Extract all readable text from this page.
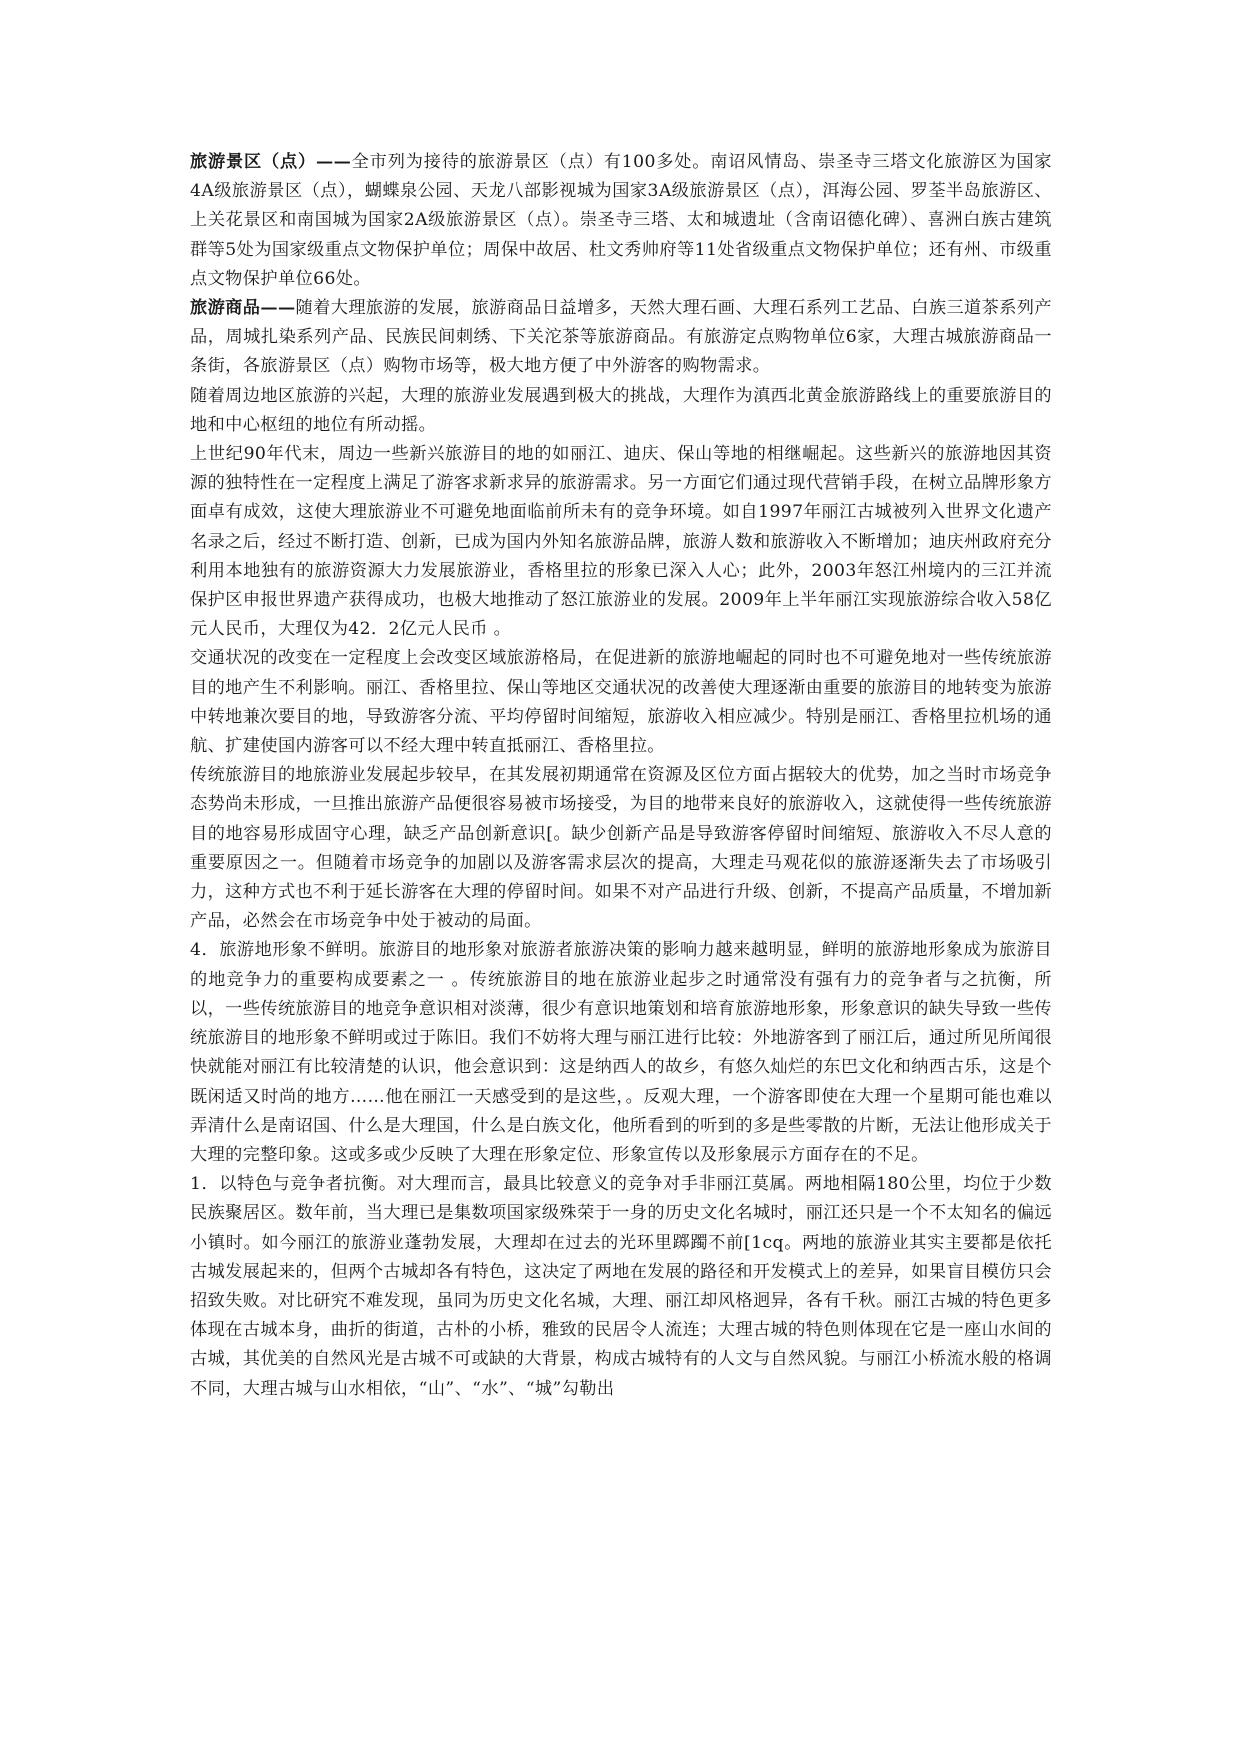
旅游景区（点）——全市列为接待的旅游景区（点）有100多处。南诏风情岛、崇圣寺三塔文化旅游区为国家4A级旅游景区（点），蝴蝶泉公园、天龙八部影视城为国家3A级旅游景区（点），洱海公园、罗荃半岛旅游区、上关花景区和南国城为国家2A级旅游景区（点）。崇圣寺三塔、太和城遗址（含南诏德化碑）、喜洲白族古建筑群等5处为国家级重点文物保护单位；周保中故居、杜文秀帅府等11处省级重点文物保护单位；还有州、市级重点文物保护单位66处。

旅游商品——随着大理旅游的发展，旅游商品日益增多，天然大理石画、大理石系列工艺品、白族三道茶系列产品，周城扎染系列产品、民族民间刺绣、下关沱茶等旅游商品。有旅游定点购物单位6家，大理古城旅游商品一条街，各旅游景区（点）购物市场等，极大地方便了中外游客的购物需求。

随着周边地区旅游的兴起，大理的旅游业发展遇到极大的挑战，大理作为滇西北黄金旅游路线上的重要旅游目的地和中心枢纽的地位有所动摇。

上世纪90年代末，周边一些新兴旅游目的地的如丽江、迪庆、保山等地的相继崛起。这些新兴的旅游地因其资源的独特性在一定程度上满足了游客求新求异的旅游需求。另一方面它们通过现代营销手段，在树立品牌形象方面卓有成效，这使大理旅游业不可避免地面临前所未有的竞争环境。如自1997年丽江古城被列入世界文化遗产名录之后，经过不断打造、创新，已成为国内外知名旅游品牌，旅游人数和旅游收入不断增加；迪庆州政府充分利用本地独有的旅游资源大力发展旅游业，香格里拉的形象已深入人心；此外，2003年怒江州境内的三江并流保护区申报世界遗产获得成功，也极大地推动了怒江旅游业的发展。2009年上半年丽江实现旅游综合收入58亿元人民币，大理仅为42．2亿元人民币 。

交通状况的改变在一定程度上会改变区域旅游格局，在促进新的旅游地崛起的同时也不可避免地对一些传统旅游目的地产生不利影响。丽江、香格里拉、保山等地区交通状况的改善使大理逐渐由重要的旅游目的地转变为旅游中转地兼次要目的地，导致游客分流、平均停留时间缩短，旅游收入相应减少。特别是丽江、香格里拉机场的通航、扩建使国内游客可以不经大理中转直抵丽江、香格里拉。

传统旅游目的地旅游业发展起步较早，在其发展初期通常在资源及区位方面占据较大的优势，加之当时市场竞争态势尚未形成，一旦推出旅游产品便很容易被市场接受，为目的地带来良好的旅游收入，这就使得一些传统旅游目的地容易形成固守心理，缺乏产品创新意识[。缺少创新产品是导致游客停留时间缩短、旅游收入不尽人意的重要原因之一。但随着市场竞争的加剧以及游客需求层次的提高，大理走马观花似的旅游逐渐失去了市场吸引力，这种方式也不利于延长游客在大理的停留时间。如果不对产品进行升级、创新，不提高产品质量，不增加新产品，必然会在市场竞争中处于被动的局面。

4．旅游地形象不鲜明。旅游目的地形象对旅游者旅游决策的影响力越来越明显，鲜明的旅游地形象成为旅游目的地竞争力的重要构成要素之一 。传统旅游目的地在旅游业起步之时通常没有强有力的竞争者与之抗衡，所以，一些传统旅游目的地竞争意识相对淡薄，很少有意识地策划和培育旅游地形象，形象意识的缺失导致一些传统旅游目的地形象不鲜明或过于陈旧。我们不妨将大理与丽江进行比较：外地游客到了丽江后，通过所见所闻很快就能对丽江有比较清楚的认识，他会意识到：这是纳西人的故乡，有悠久灿烂的东巴文化和纳西古乐，这是个既闲适又时尚的地方……他在丽江一天感受到的是这些，。反观大理，一个游客即使在大理一个星期可能也难以弄清什么是南诏国、什么是大理国，什么是白族文化，他所看到的听到的多是些零散的片断，无法让他形成关于大理的完整印象。这或多或少反映了大理在形象定位、形象宣传以及形象展示方面存在的不足。

1．以特色与竞争者抗衡。对大理而言，最具比较意义的竞争对手非丽江莫属。两地相隔180公里，均位于少数民族聚居区。数年前，当大理已是集数项国家级殊荣于一身的历史文化名城时，丽江还只是一个不太知名的偏远小镇时。如今丽江的旅游业蓬勃发展，大理却在过去的光环里踯躅不前[1cq。两地的旅游业其实主要都是依托古城发展起来的，但两个古城却各有特色，这决定了两地在发展的路径和开发模式上的差异，如果盲目模仿只会招致失败。对比研究不难发现，虽同为历史文化名城，大理、丽江却风格迥异，各有千秋。丽江古城的特色更多体现在古城本身，曲折的街道，古朴的小桥，雅致的民居令人流连；大理古城的特色则体现在它是一座山水间的古城，其优美的自然风光是古城不可或缺的大背景，构成古城特有的人文与自然风貌。与丽江小桥流水般的格调不同，大理古城与山水相依，“山”、“水”、“城”勾勒出
